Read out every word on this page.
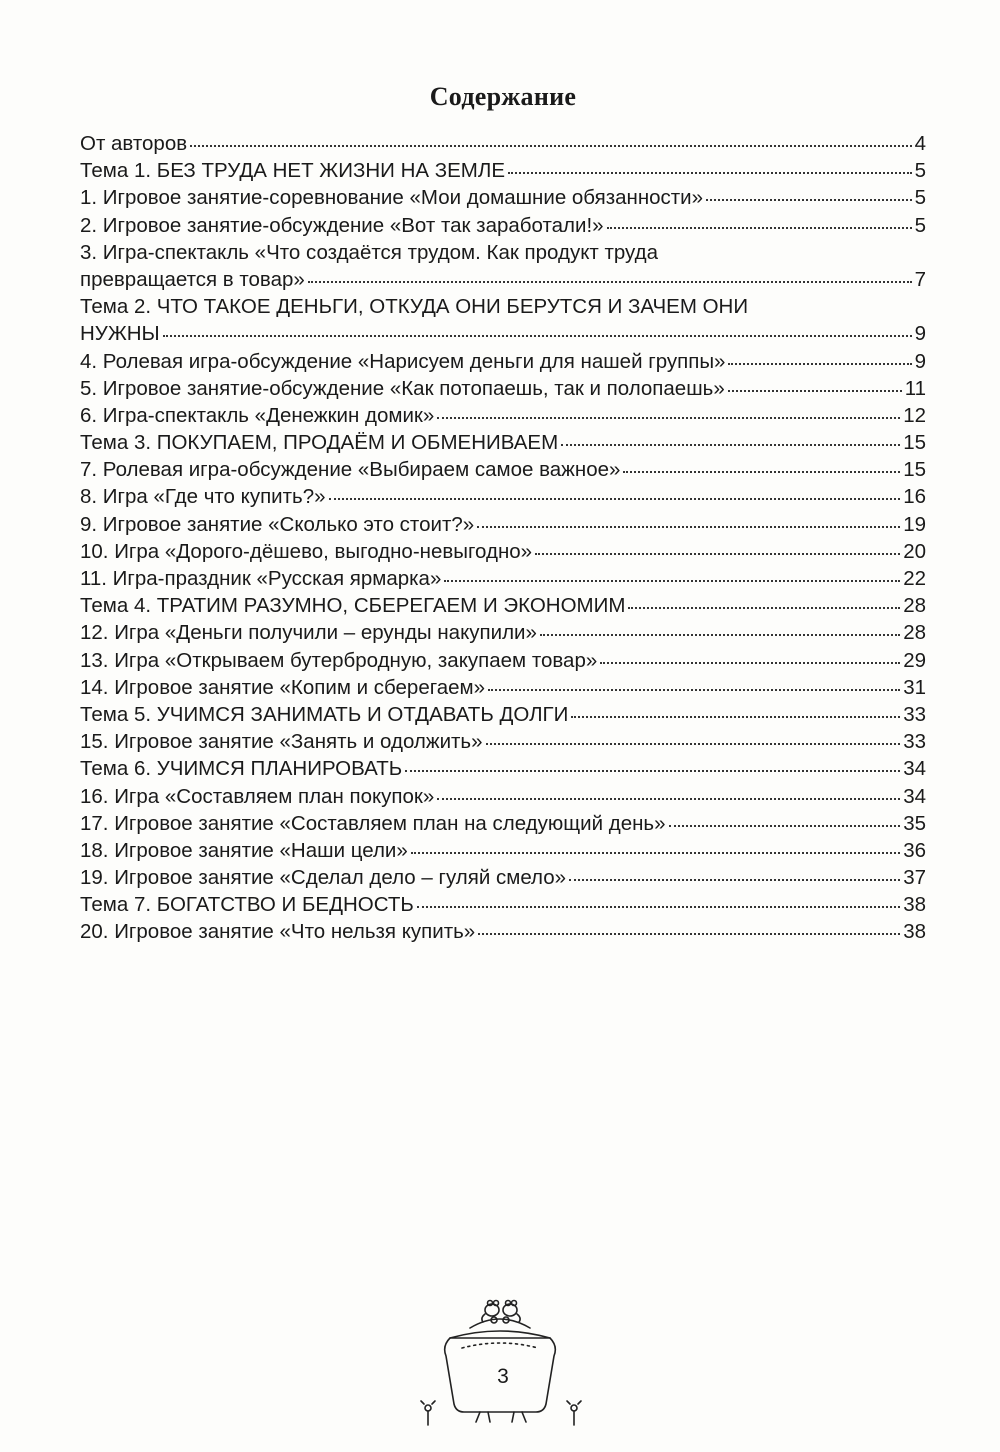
Содержание
От авторов	4
Тема 1. БЕЗ ТРУДА НЕТ ЖИЗНИ НА ЗЕМЛЕ	5
1. Игровое занятие-соревнование «Мои домашние обязанности»	5
2. Игровое занятие-обсуждение «Вот так заработали!»	5
3. Игра-спектакль «Что создаётся трудом. Как продукт труда
превращается в товар»	7
Тема 2. ЧТО ТАКОЕ ДЕНЬГИ, ОТКУДА ОНИ БЕРУТСЯ И ЗАЧЕМ ОНИ
НУЖНЫ	9
4. Ролевая игра-обсуждение «Нарисуем деньги для нашей группы»	9
5. Игровое занятие-обсуждение «Как потопаешь, так и полопаешь»	11
6. Игра-спектакль «Денежкин домик»	12
Тема 3. ПОКУПАЕМ, ПРОДАЁМ И ОБМЕНИВАЕМ	15
7. Ролевая игра-обсуждение «Выбираем самое важное»	15
8. Игра «Где что купить?»	16
9. Игровое занятие «Сколько это стоит?»	19
10. Игра «Дорого-дёшево, выгодно-невыгодно»	20
11. Игра-праздник «Русская ярмарка»	22
Тема 4. ТРАТИМ РАЗУМНО, СБЕРЕГАЕМ И ЭКОНОМИМ	28
12. Игра «Деньги получили – ерунды накупили»	28
13. Игра «Открываем бутербродную, закупаем товар»	29
14. Игровое занятие «Копим и сберегаем»	31
Тема 5. УЧИМСЯ ЗАНИМАТЬ И ОТДАВАТЬ ДОЛГИ	33
15. Игровое занятие «Занять и одолжить»	33
Тема 6. УЧИМСЯ ПЛАНИРОВАТЬ	34
16. Игра «Составляем план покупок»	34
17. Игровое занятие «Составляем план на следующий день»	35
18. Игровое занятие «Наши цели»	36
19. Игровое занятие «Сделал дело – гуляй смело»	37
Тема 7. БОГАТСТВО И БЕДНОСТЬ	38
20. Игровое занятие «Что нельзя купить»	38
3
